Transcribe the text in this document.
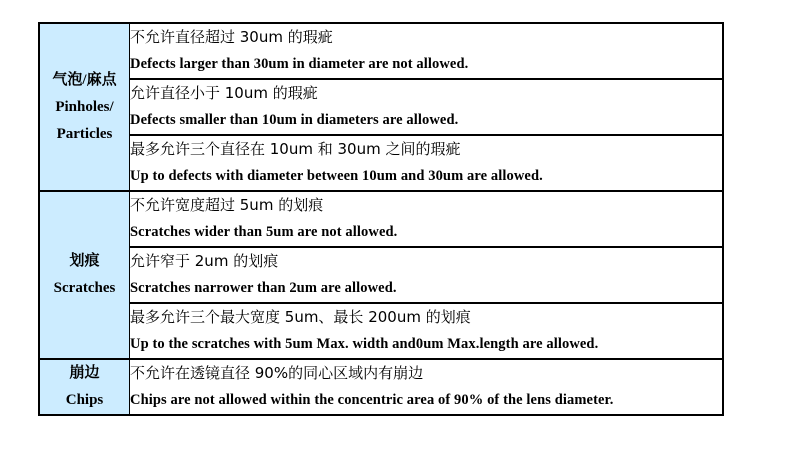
气泡/麻点
Pinholes/
Particles	不允许直径超过 30um 的瑕疵
Defects larger than 30um in diameter are not allowed.

	允许直径小于 10um 的瑕疵
Defects smaller than 10um in diameters are allowed.

	最多允许三个直径在 10um 和 30um 之间的瑕疵
Up to defects with diameter between 10um and 30um are allowed.

划痕
Scratches	不允许宽度超过 5um 的划痕
Scratches wider than 5um are not allowed.

	允许窄于 2um 的划痕
Scratches narrower than 2um are allowed.

	最多允许三个最大宽度 5um、最长 200um 的划痕
Up to the scratches with 5um Max. width and0um Max.length are allowed.

崩边
Chips	不允许在透镜直径 90%的同心区域内有崩边
Chips are not allowed within the concentric area of 90% of the lens diameter.
